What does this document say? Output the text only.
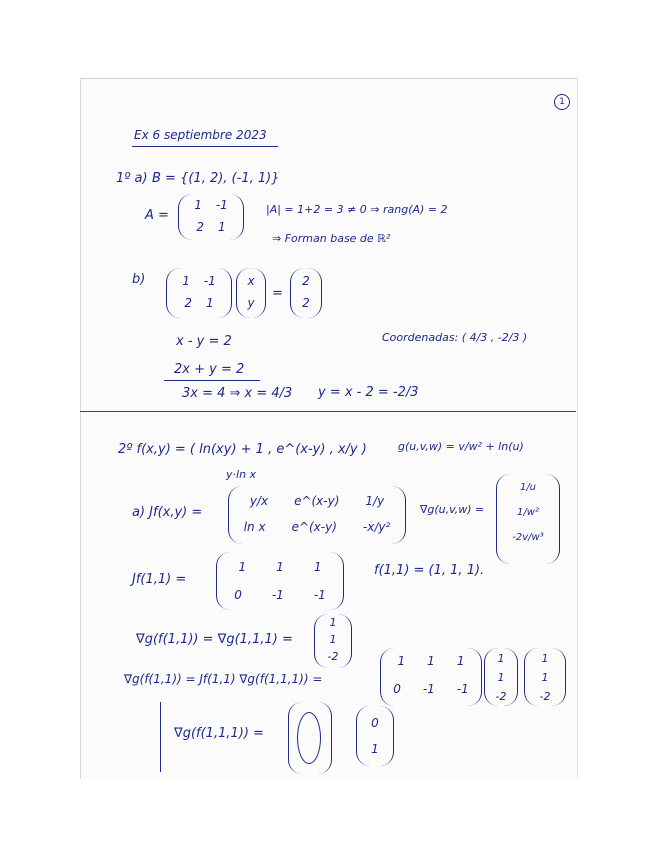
1
Ex 6 septiembre 2023
1º a) B = {(1, 2), (-1, 1)}
A =
1 -1
2 1
|A| = 1+2 = 3 ≠ 0 ⇒ rang(A) = 2
⇒ Forman base de ℝ²
b)	1 -1
2 1
x
y
=
2
2
x - y = 2	Coordenadas: ( 4/3 , -2/3 )
2x + y = 2
3x = 4 ⇒ x = 4/3 y = x - 2 = -2/3
2º f(x,y) = ( ln(xy) + 1 , e^(x-y) , x/y )
y·ln x
g(u,v,w) = v/w² + ln(u)
a) Jf(x,y) =
y/x e^(x-y) 1/y
ln x e^(x-y) -x/y²
∇g(u,v,w) =
1/u
1/w²
-2v/w³
Jf(1,1) =
1	1	1
0	-1	-1
f(1,1) = (1, 1, 1).
∇g(f(1,1)) = ∇g(1,1,1) =
1
1
-2
∇g(f(1,1)) = Jf(1,1) ∇g(f(1,1,1)) =
1 1 1
0 -1 -1
1
1
-2
1
1
-2
∇g(f(1,1,1)) =
0
1
